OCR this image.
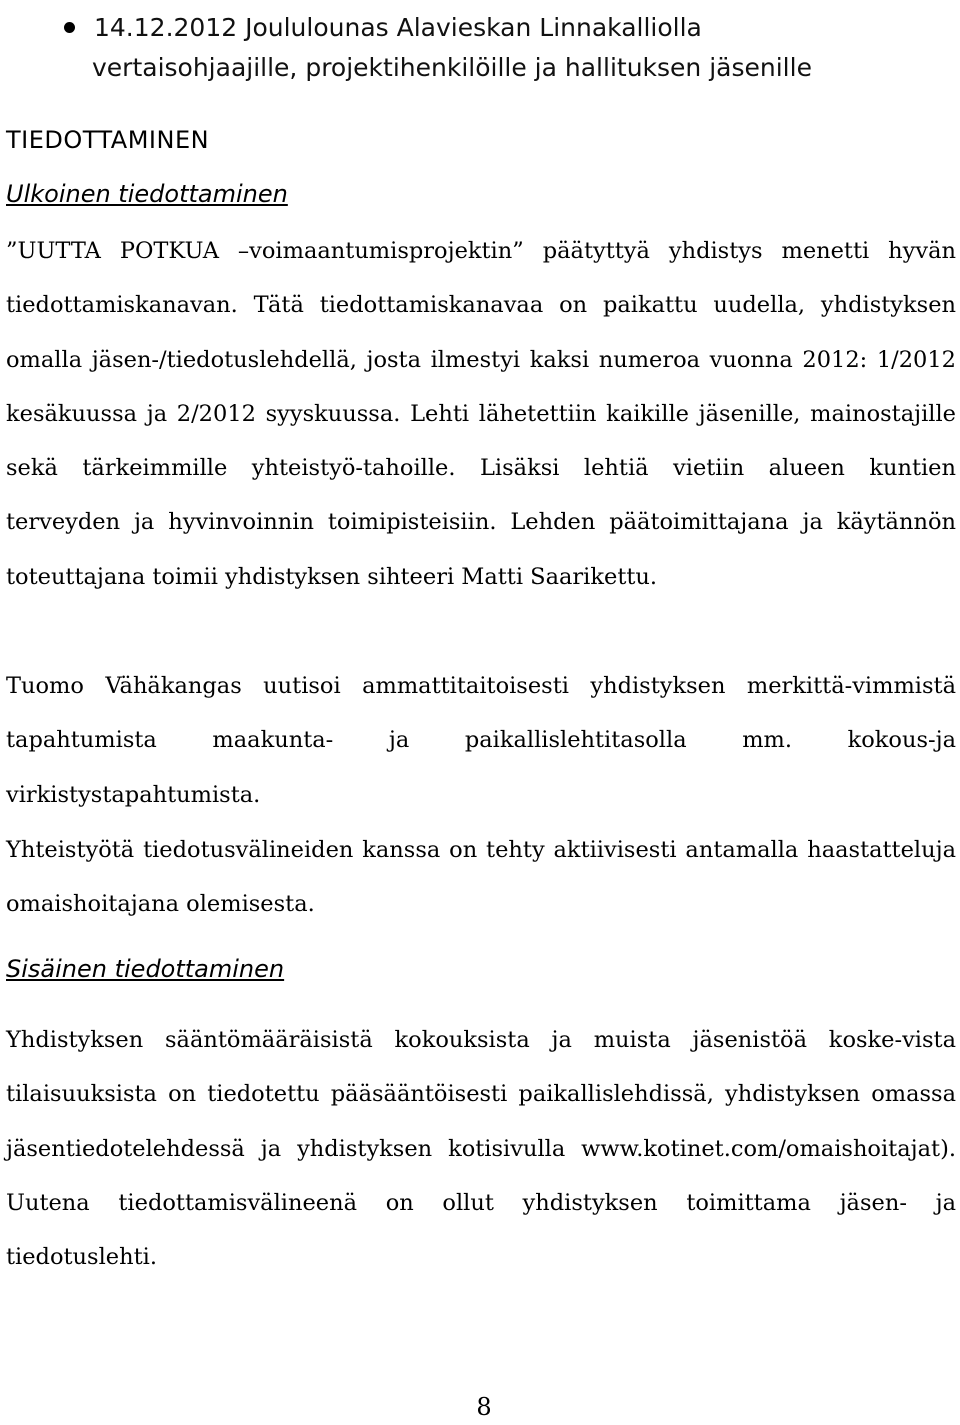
14.12.2012 Joululounas Alavieskan Linnakalliolla
vertaisohjaajille, projektihenkilöille ja hallituksen jäsenille
TIEDOTTAMINEN
Ulkoinen tiedottaminen

”UUTTA POTKUA –voimaantumisprojektin” päätyttyä yhdistys menetti hyvän tiedottamiskanavan. Tätä tiedottamiskanavaa on paikattu uudella, yhdistyksen omalla jäsen-/tiedotuslehdellä, josta ilmestyi kaksi numeroa vuonna 2012: 1/2012 kesäkuussa ja 2/2012 syyskuussa. Lehti lähetettiin kaikille jäsenille, mainostajille sekä tärkeimmille yhteistyö-tahoille. Lisäksi lehtiä vietiin alueen kuntien terveyden ja hyvinvoinnin toimipisteisiin. Lehden päätoimittajana ja käytännön toteuttajana toimii yhdistyksen sihteeri Matti Saarikettu.

Tuomo Vähäkangas uutisoi ammattitaitoisesti yhdistyksen merkittä-vimmistä tapahtumista maakunta- ja paikallislehtitasolla mm. kokous-ja virkistystapahtumista.

Yhteistyötä tiedotusvälineiden kanssa on tehty aktiivisesti antamalla haastatteluja omaishoitajana olemisesta.

Sisäinen tiedottaminen

Yhdistyksen sääntömääräisistä kokouksista ja muista jäsenistöä koske-vista tilaisuuksista on tiedotettu pääsääntöisesti paikallislehdissä, yhdistyksen omassa jäsentiedotelehdessä ja yhdistyksen kotisivulla www.kotinet.com/omaishoitajat). Uutena tiedottamisvälineenä on ollut yhdistyksen toimittama jäsen- ja tiedotuslehti.

8
